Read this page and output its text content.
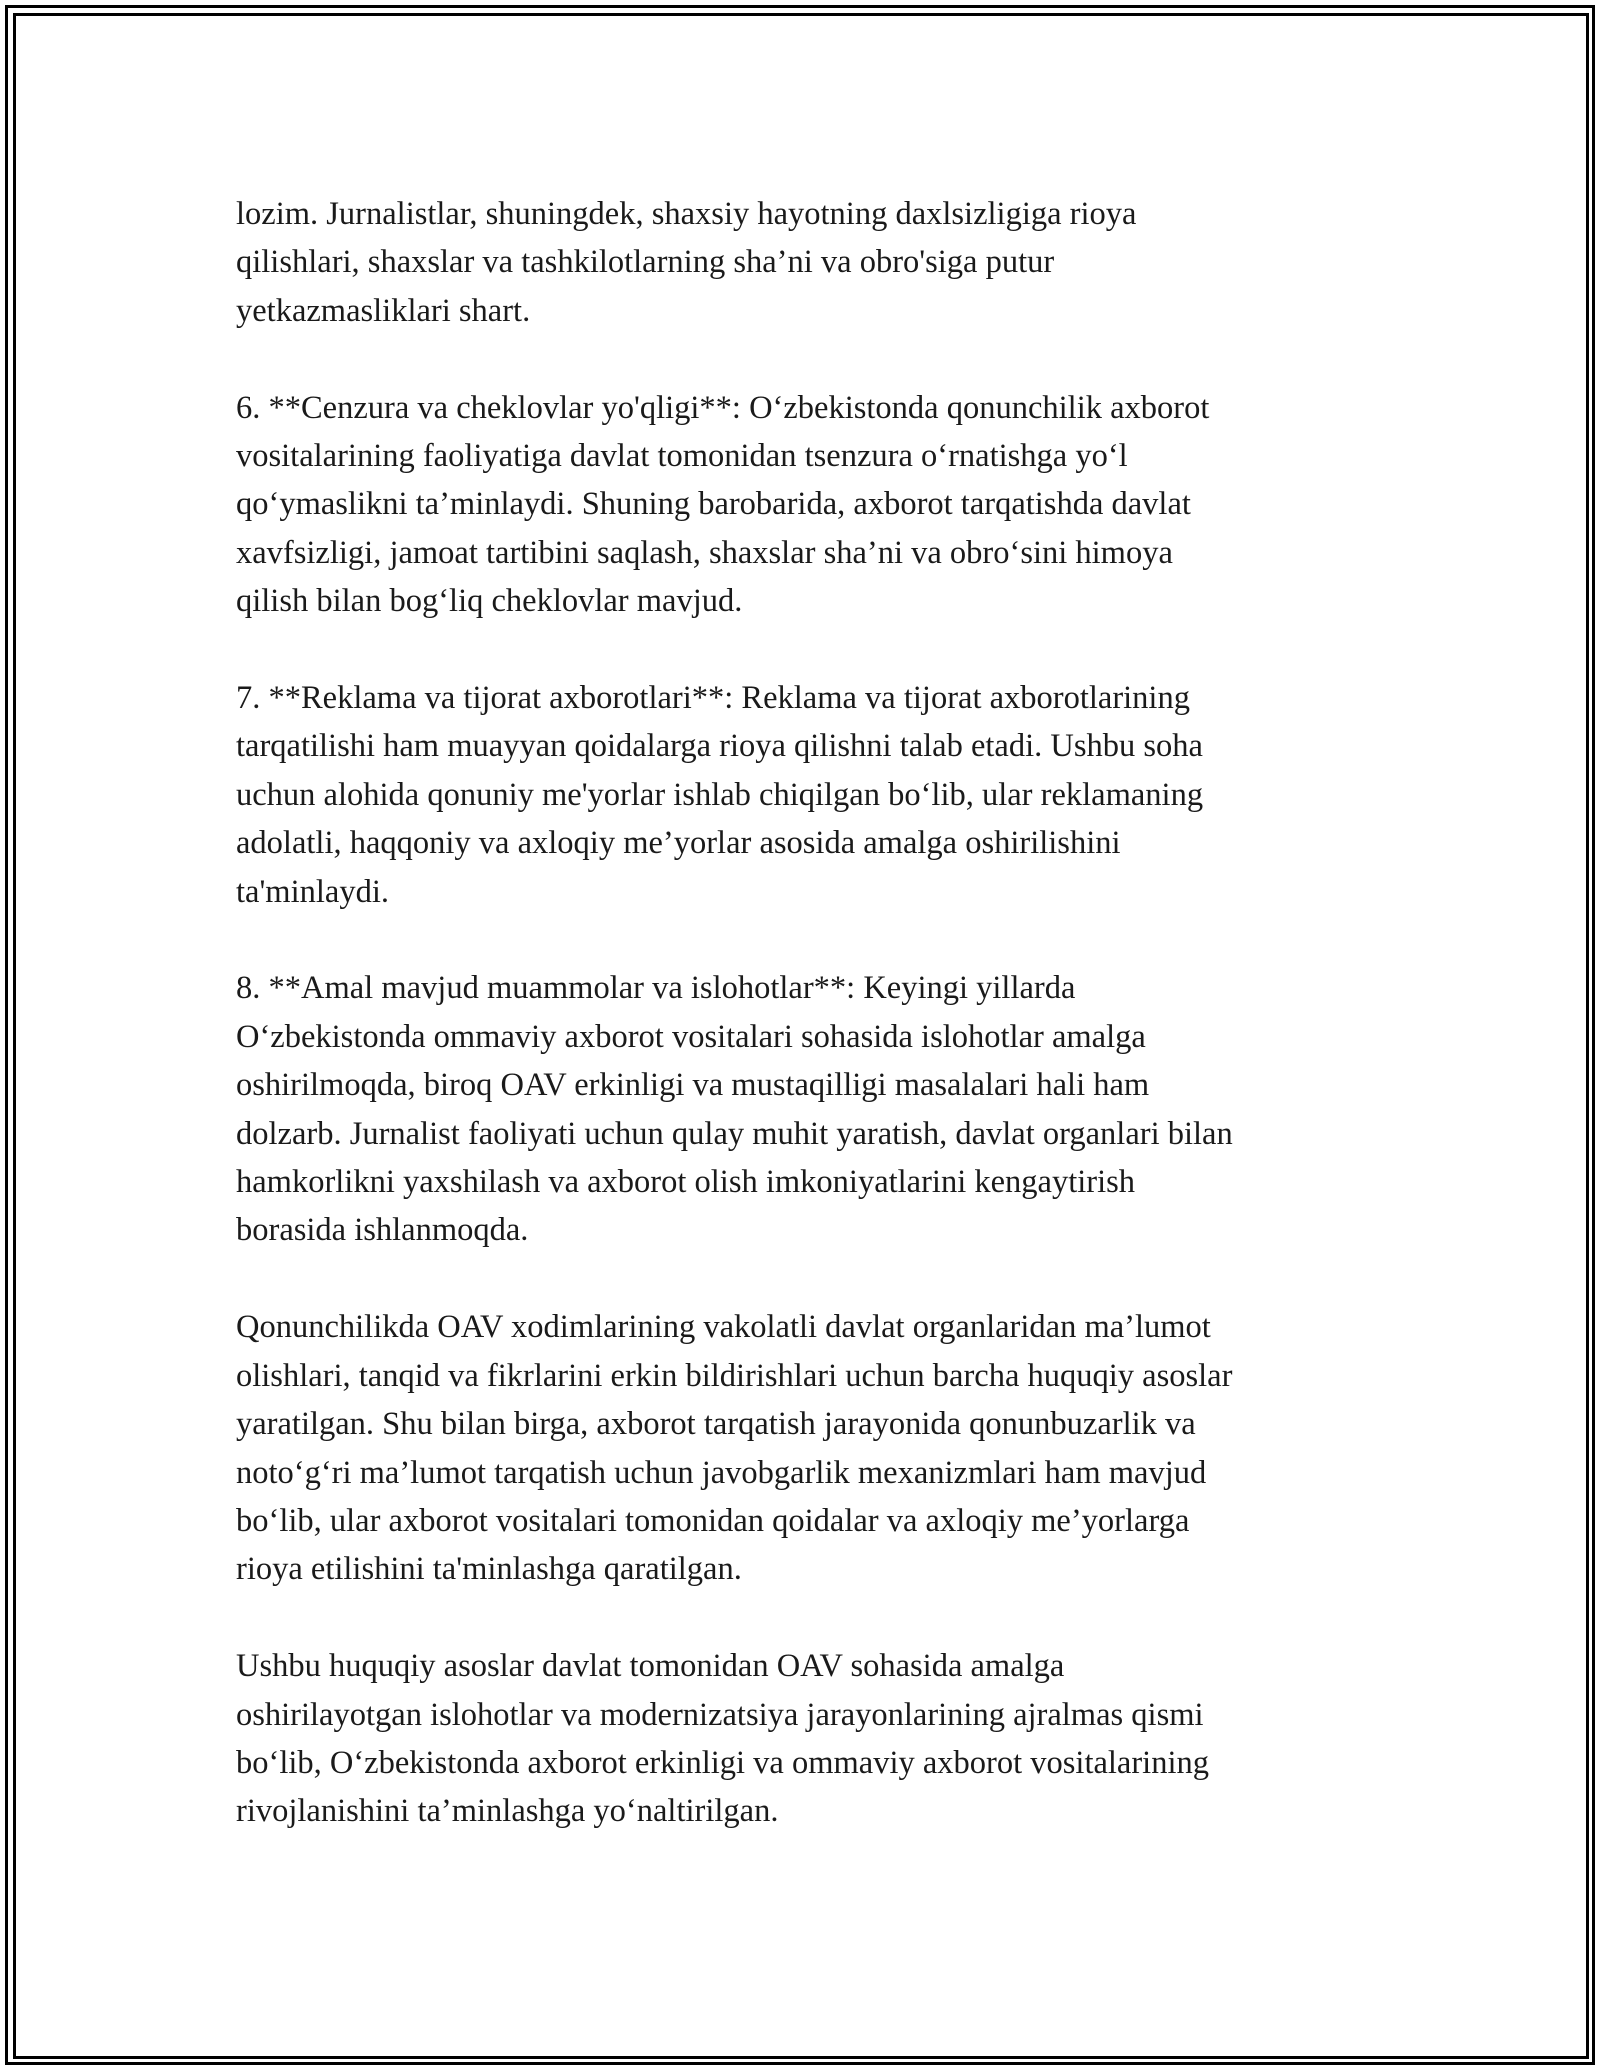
lozim. Jurnalistlar, shuningdek, shaxsiy hayotning daxlsizligiga rioya
qilishlari, shaxslar va tashkilotlarning sha’ni va obro'siga putur
yetkazmasliklari shart.

6. **Cenzura va cheklovlar yo'qligi**: O‘zbekistonda qonunchilik axborot
vositalarining faoliyatiga davlat tomonidan tsenzura o‘rnatishga yo‘l
qo‘ymaslikni ta’minlaydi. Shuning barobarida, axborot tarqatishda davlat
xavfsizligi, jamoat tartibini saqlash, shaxslar sha’ni va obro‘sini himoya
qilish bilan bog‘liq cheklovlar mavjud.

7. **Reklama va tijorat axborotlari**: Reklama va tijorat axborotlarining
tarqatilishi ham muayyan qoidalarga rioya qilishni talab etadi. Ushbu soha
uchun alohida qonuniy me'yorlar ishlab chiqilgan bo‘lib, ular reklamaning
adolatli, haqqoniy va axloqiy me’yorlar asosida amalga oshirilishini
ta'minlaydi.

8. **Amal mavjud muammolar va islohotlar**: Keyingi yillarda
O‘zbekistonda ommaviy axborot vositalari sohasida islohotlar amalga
oshirilmoqda, biroq OAV erkinligi va mustaqilligi masalalari hali ham
dolzarb. Jurnalist faoliyati uchun qulay muhit yaratish, davlat organlari bilan
hamkorlikni yaxshilash va axborot olish imkoniyatlarini kengaytirish
borasida ishlanmoqda.

Qonunchilikda OAV xodimlarining vakolatli davlat organlaridan ma’lumot
olishlari, tanqid va fikrlarini erkin bildirishlari uchun barcha huquqiy asoslar
yaratilgan. Shu bilan birga, axborot tarqatish jarayonida qonunbuzarlik va
noto‘g‘ri ma’lumot tarqatish uchun javobgarlik mexanizmlari ham mavjud
bo‘lib, ular axborot vositalari tomonidan qoidalar va axloqiy me’yorlarga
rioya etilishini ta'minlashga qaratilgan.

Ushbu huquqiy asoslar davlat tomonidan OAV sohasida amalga
oshirilayotgan islohotlar va modernizatsiya jarayonlarining ajralmas qismi
bo‘lib, O‘zbekistonda axborot erkinligi va ommaviy axborot vositalarining
rivojlanishini ta’minlashga yo‘naltirilgan.
